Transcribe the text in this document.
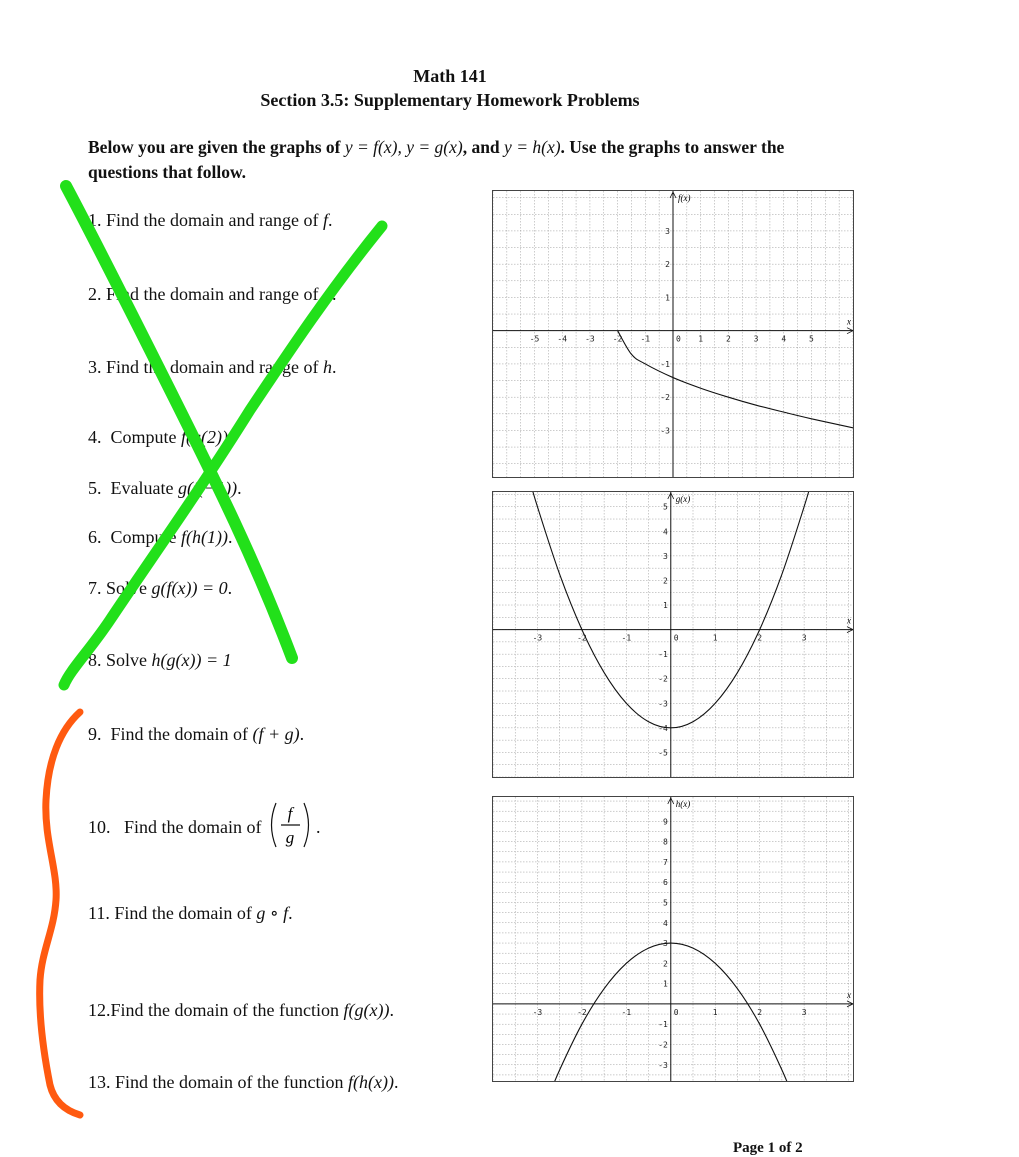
Math 141
Section 3.5: Supplementary Homework Problems
Below you are given the graphs of y = f(x), y = g(x), and y = h(x). Use the graphs to answer the questions that follow.
1. Find the domain and range of f.
2. Find the domain and range of g.
3. Find the domain and range of h.
4. Compute f(g(2)).
5. Evaluate g(f(−1)).
6. Compute f(h(1)).
7. Solve g(f(x)) = 0.
8. Solve h(g(x)) = 1
9. Find the domain of (f + g).
10. Find the domain of
f
g
.
11. Find the domain of g ∘ f.
12.Find the domain of the function f(g(x)).
13. Find the domain of the function f(h(x)).
x
f(x)
-5 -4 -3 -2 -1	0 1	2	3	4	5
3
2
1
-1
-2
-3
x
g(x)
-3	-2	-1	0	1	2	3
5
4
3
2
1
-1
-2
-3
-4
-5
x
h(x)
-3	-2	-1	0	1	2	3
9
8
7
6
5
4
3
2
1
-1
-2
-3
Page 1 of 2
